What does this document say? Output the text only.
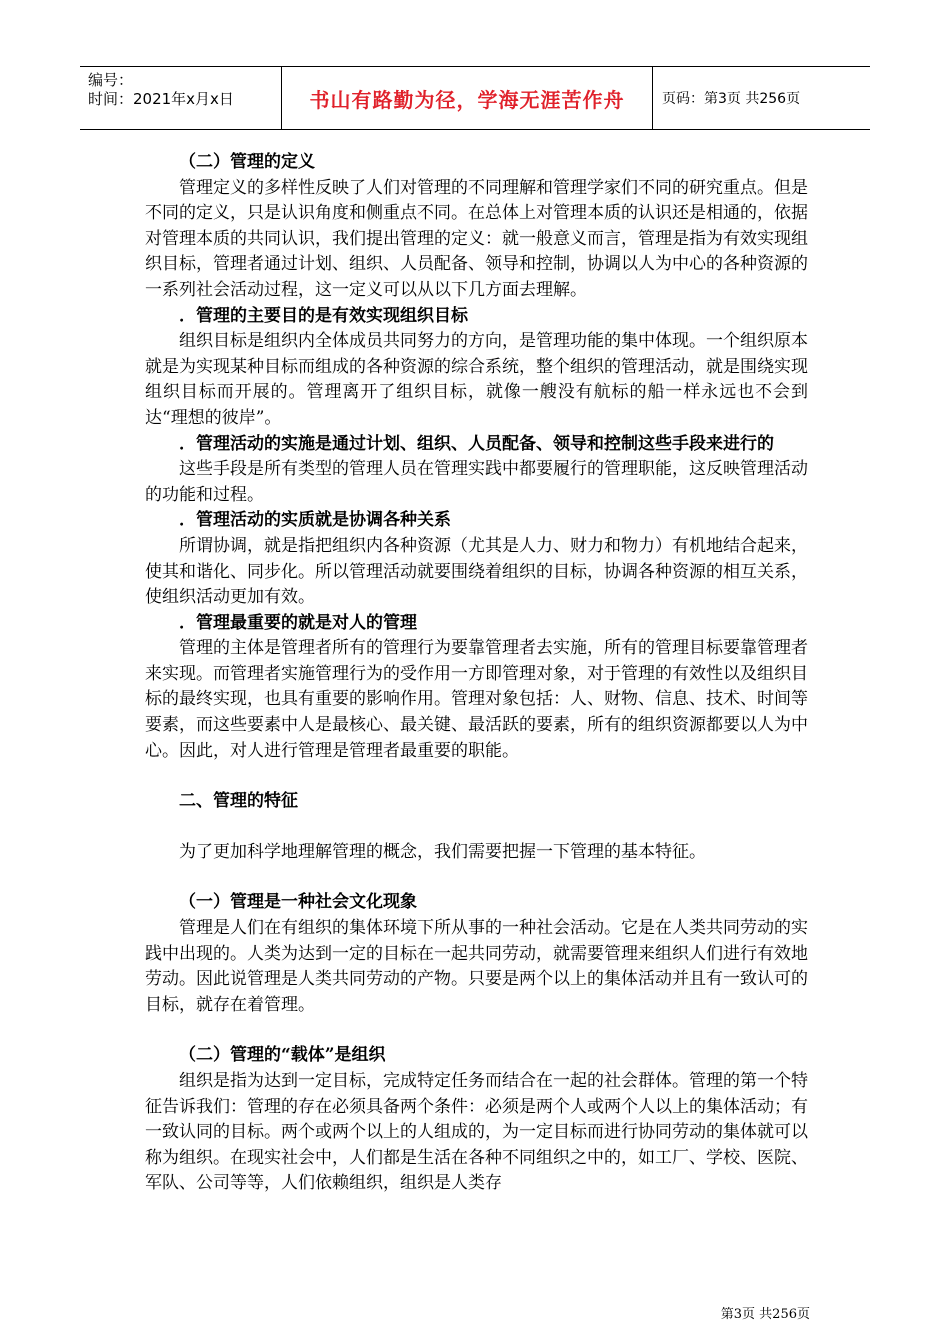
编号：
时间：2021年x月x日	书山有路勤为径，学海无涯苦作舟	页码：第3页 共256页

（二）管理的定义

管理定义的多样性反映了人们对管理的不同理解和管理学家们不同的研究重点。但是不同的定义，只是认识角度和侧重点不同。在总体上对管理本质的认识还是相通的，依据对管理本质的共同认识，我们提出管理的定义：就一般意义而言，管理是指为有效实现组织目标，管理者通过计划、组织、人员配备、领导和控制，协调以人为中心的各种资源的一系列社会活动过程，这一定义可以从以下几方面去理解。

．管理的主要目的是有效实现组织目标

组织目标是组织内全体成员共同努力的方向，是管理功能的集中体现。一个组织原本就是为实现某种目标而组成的各种资源的综合系统，整个组织的管理活动，就是围绕实现组织目标而开展的。管理离开了组织目标，就像一艘没有航标的船一样永远也不会到达“理想的彼岸”。

．管理活动的实施是通过计划、组织、人员配备、领导和控制这些手段来进行的

这些手段是所有类型的管理人员在管理实践中都要履行的管理职能，这反映管理活动的功能和过程。

．管理活动的实质就是协调各种关系

所谓协调，就是指把组织内各种资源（尤其是人力、财力和物力）有机地结合起来，使其和谐化、同步化。所以管理活动就要围绕着组织的目标，协调各种资源的相互关系，使组织活动更加有效。

．管理最重要的就是对人的管理

管理的主体是管理者所有的管理行为要靠管理者去实施，所有的管理目标要靠管理者来实现。而管理者实施管理行为的受作用一方即管理对象，对于管理的有效性以及组织目标的最终实现，也具有重要的影响作用。管理对象包括：人、财物、信息、技术、时间等要素，而这些要素中人是最核心、最关键、最活跃的要素，所有的组织资源都要以人为中心。因此，对人进行管理是管理者最重要的职能。

二、管理的特征

为了更加科学地理解管理的概念，我们需要把握一下管理的基本特征。

（一）管理是一种社会文化现象

管理是人们在有组织的集体环境下所从事的一种社会活动。它是在人类共同劳动的实践中出现的。人类为达到一定的目标在一起共同劳动，就需要管理来组织人们进行有效地劳动。因此说管理是人类共同劳动的产物。只要是两个以上的集体活动并且有一致认可的目标，就存在着管理。

（二）管理的“载体”是组织

组织是指为达到一定目标，完成特定任务而结合在一起的社会群体。管理的第一个特征告诉我们：管理的存在必须具备两个条件：必须是两个人或两个人以上的集体活动；有一致认同的目标。两个或两个以上的人组成的，为一定目标而进行协同劳动的集体就可以称为组织。在现实社会中，人们都是生活在各种不同组织之中的，如工厂、学校、医院、军队、公司等等，人们依赖组织，组织是人类存

第3页 共256页
